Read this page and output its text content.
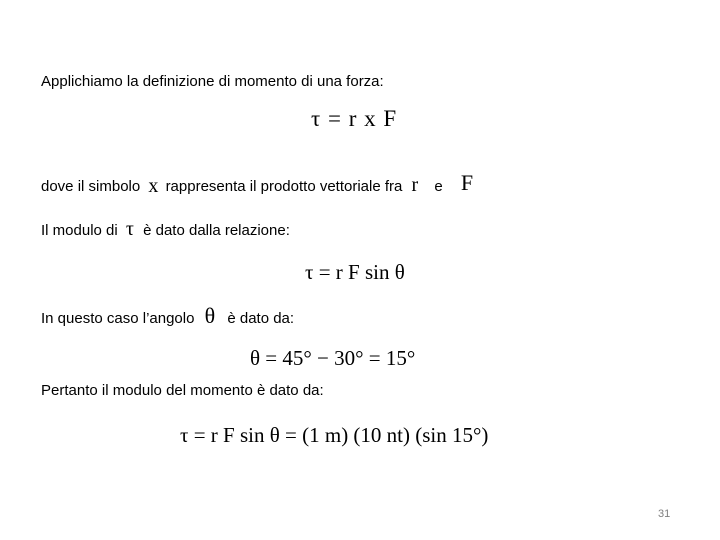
Applichiamo la definizione di momento di una forza:
τ = r x F
dove il simbolo x rappresenta il prodotto vettoriale fra r e F
Il modulo di τ è dato dalla relazione:
τ = r F sin θ
In questo caso l’angolo θ è dato da:
θ = 45° − 30° = 15°
Pertanto il modulo del momento è dato da:
τ = r F sin θ = (1 m) (10 nt) (sin 15°)
31
